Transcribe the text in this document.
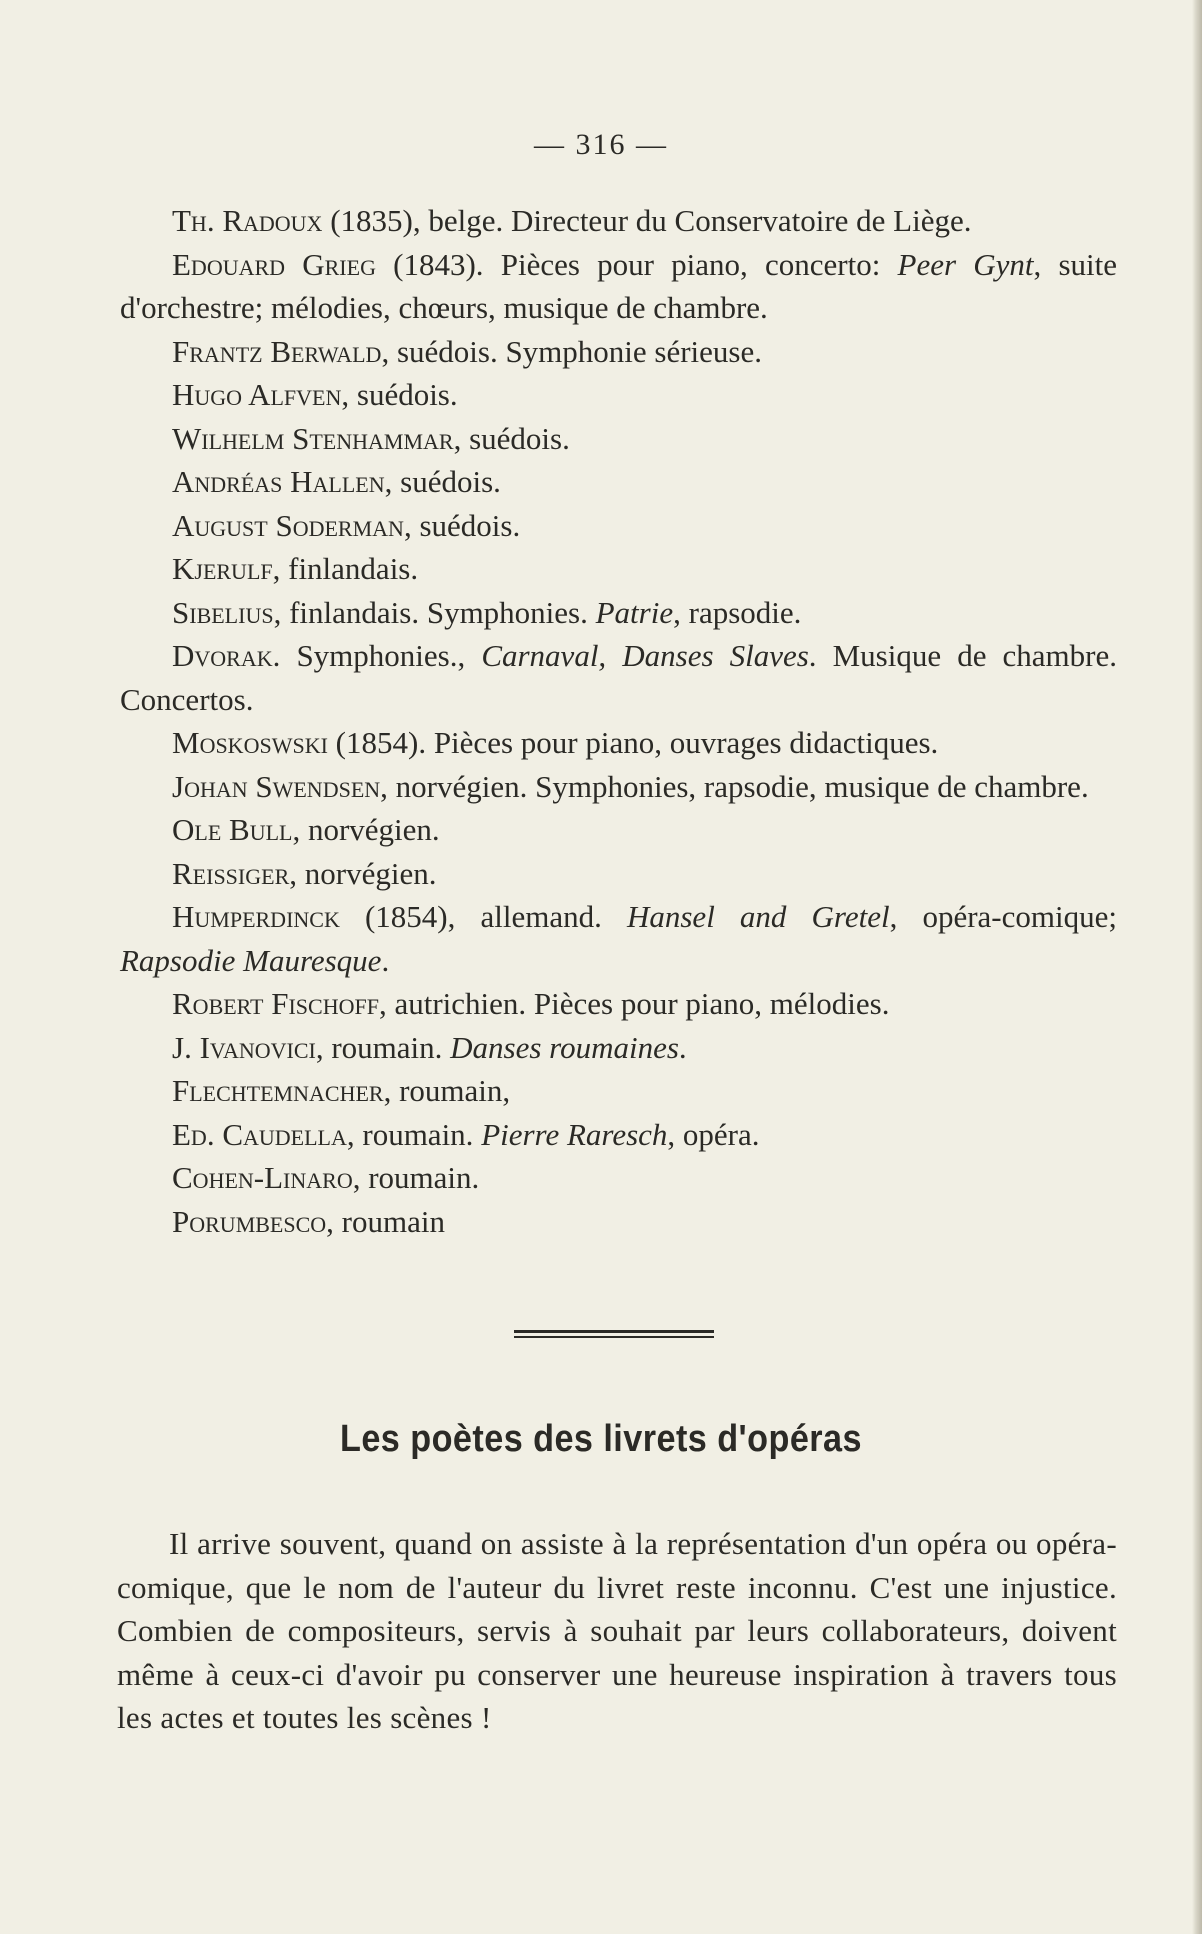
— 316 —
Th. Radoux (1835), belge. Directeur du Conservatoire de Liège.
Edouard Grieg (1843). Pièces pour piano, concerto: Peer Gynt, suite d'orchestre; mélodies, chœurs, musique de chambre.
Frantz Berwald, suédois. Symphonie sérieuse.
Hugo Alfven, suédois.
Wilhelm Stenhammar, suédois.
Andréas Hallen, suédois.
August Soderman, suédois.
Kjerulf, finlandais.
Sibelius, finlandais. Symphonies. Patrie, rapsodie.
Dvorak. Symphonies., Carnaval, Danses Slaves. Musique de chambre. Concertos.
Moskoswski (1854). Pièces pour piano, ouvrages didactiques.
Johan Swendsen, norvégien. Symphonies, rapsodie, musique de chambre.
Ole Bull, norvégien.
Reissiger, norvégien.
Humperdinck (1854), allemand. Hansel and Gretel, opéra-comique; Rapsodie Mauresque.
Robert Fischoff, autrichien. Pièces pour piano, mélodies.
J. Ivanovici, roumain. Danses roumaines.
Flechtemnacher, roumain,
Ed. Caudella, roumain. Pierre Raresch, opéra.
Cohen-Linaro, roumain.
Porumbesco, roumain
Les poètes des livrets d'opéras
Il arrive souvent, quand on assiste à la représentation d'un opéra ou opéra-comique, que le nom de l'auteur du livret reste inconnu. C'est une injustice. Combien de compositeurs, servis à souhait par leurs collaborateurs, doivent même à ceux-ci d'avoir pu conserver une heureuse inspiration à travers tous les actes et toutes les scènes !
